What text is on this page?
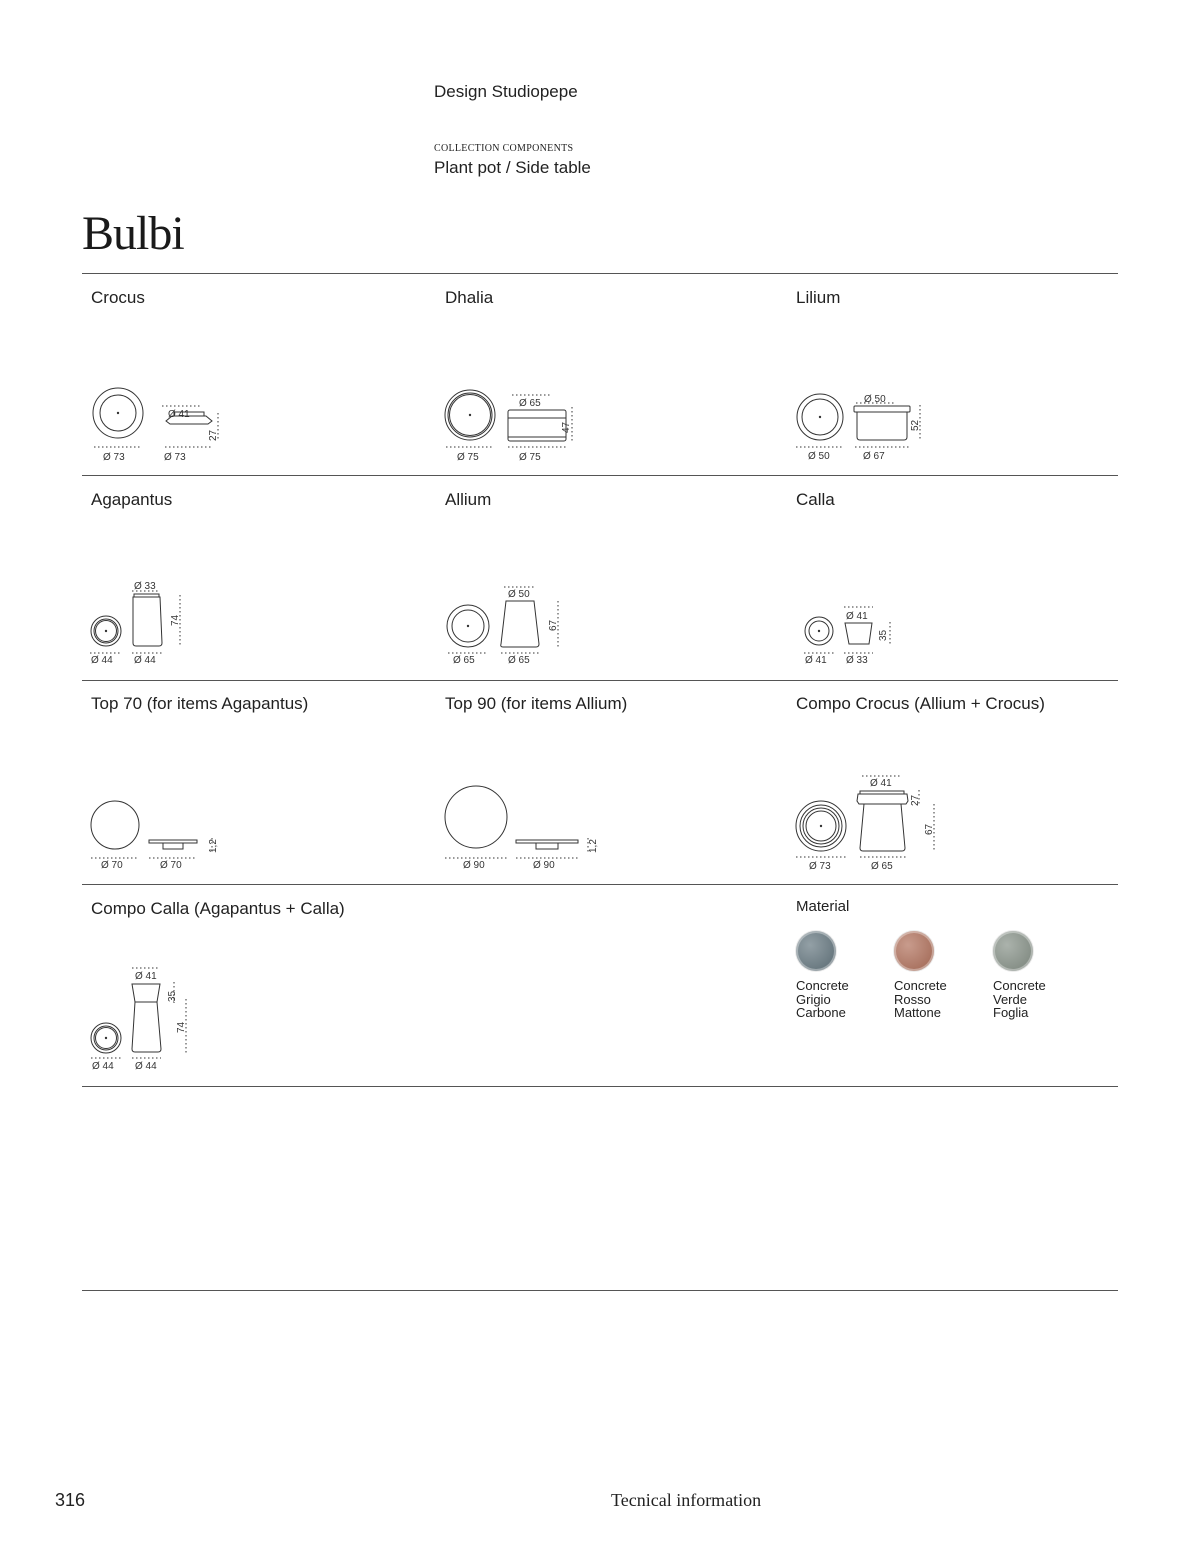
Design Studiopepe
COLLECTION COMPONENTS
Plant pot / Side table
Bulbi
Crocus	Dhalia	Lilium
Agapantus	Allium	Calla
Top 70 (for items Agapantus)	Top 90 (for items Allium)	Compo Crocus (Allium + Crocus)
Compo Calla (Agapantus + Calla)
Ø 41
27
Ø 73	Ø 73
Ø 65
47
Ø 75	Ø 75
Ø 50
52
Ø 50	Ø 67
Ø 33
74
Ø 44 Ø 44
Ø 50
67
Ø 65	Ø 65
Ø 41
35
Ø 41 Ø 33
1,2
Ø 70	Ø 70
1,2
Ø 90	Ø 90
Ø 41
27
67
Ø 73	Ø 65
Ø 41
35
74
Ø 44 Ø 44
Material
Concrete
Grigio
Carbone
Concrete
Rosso
Mattone
Concrete
Verde
Foglia
316	Tecnical information
